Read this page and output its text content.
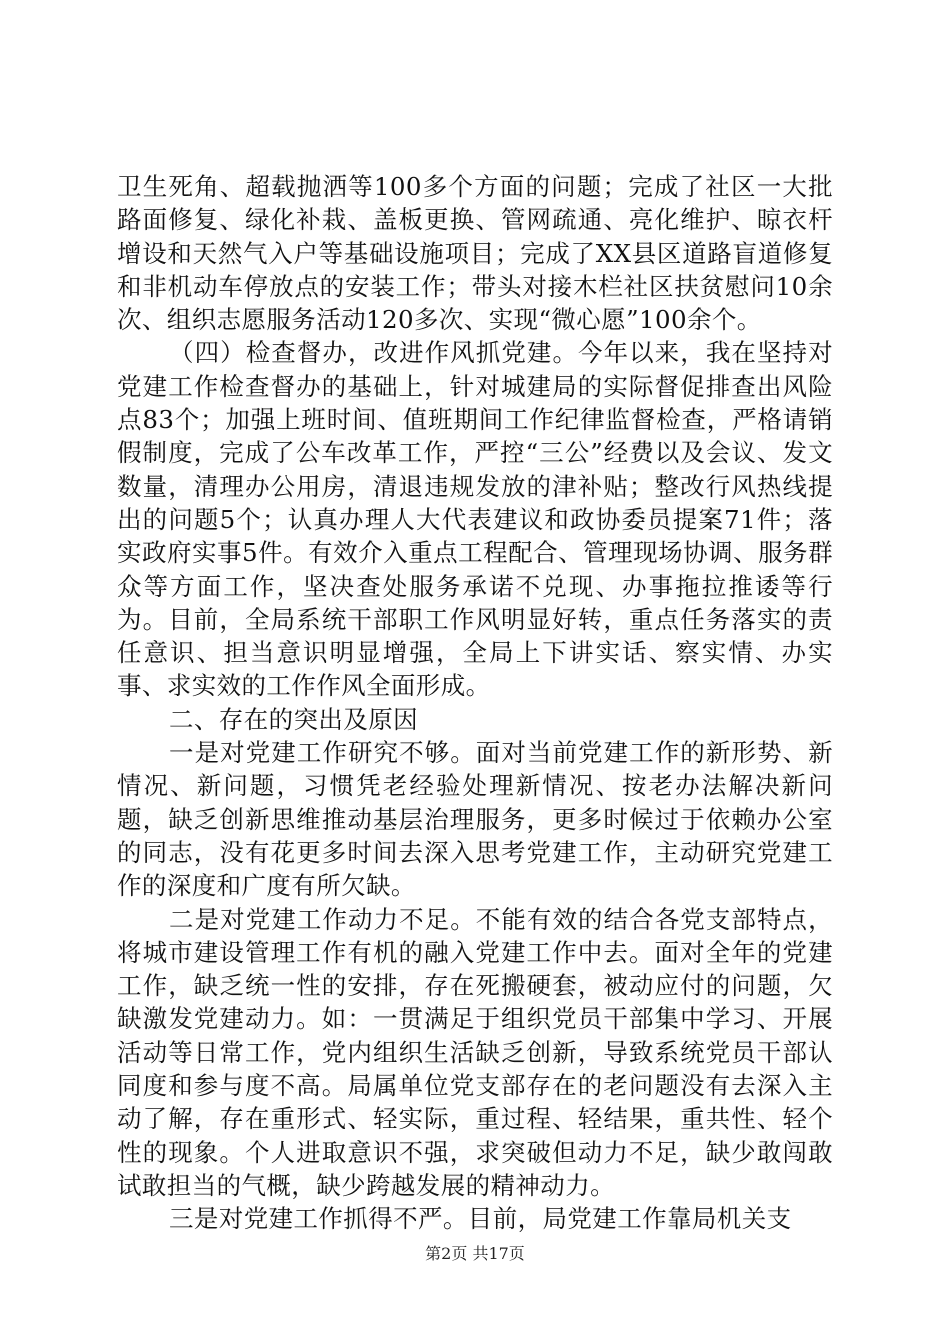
卫生死角、超载抛洒等100多个方面的问题；完成了社区一大批路面修复、绿化补栽、盖板更换、管网疏通、亮化维护、晾衣杆增设和天然气入户等基础设施项目；完成了XX县区道路盲道修复和非机动车停放点的安装工作；带头对接木栏社区扶贫慰问10余次、组织志愿服务活动120多次、实现“微心愿”100余个。

（四）检查督办，改进作风抓党建。今年以来，我在坚持对党建工作检查督办的基础上，针对城建局的实际督促排查出风险点83个；加强上班时间、值班期间工作纪律监督检查，严格请销假制度，完成了公车改革工作，严控“三公”经费以及会议、发文数量，清理办公用房，清退违规发放的津补贴；整改行风热线提出的问题5个；认真办理人大代表建议和政协委员提案71件；落实政府实事5件。有效介入重点工程配合、管理现场协调、服务群众等方面工作，坚决查处服务承诺不兑现、办事拖拉推诿等行为。目前，全局系统干部职工作风明显好转，重点任务落实的责任意识、担当意识明显增强，全局上下讲实话、察实情、办实事、求实效的工作作风全面形成。

二、存在的突出及原因

一是对党建工作研究不够。面对当前党建工作的新形势、新情况、新问题，习惯凭老经验处理新情况、按老办法解决新问题，缺乏创新思维推动基层治理服务，更多时候过于依赖办公室的同志，没有花更多时间去深入思考党建工作，主动研究党建工作的深度和广度有所欠缺。

二是对党建工作动力不足。不能有效的结合各党支部特点，将城市建设管理工作有机的融入党建工作中去。面对全年的党建工作，缺乏统一性的安排，存在死搬硬套，被动应付的问题，欠缺激发党建动力。如：一贯满足于组织党员干部集中学习、开展活动等日常工作，党内组织生活缺乏创新，导致系统党员干部认同度和参与度不高。局属单位党支部存在的老问题没有去深入主动了解，存在重形式、轻实际，重过程、轻结果，重共性、轻个性的现象。个人进取意识不强，求突破但动力不足，缺少敢闯敢试敢担当的气概，缺少跨越发展的精神动力。

三是对党建工作抓得不严。目前，局党建工作靠局机关支

第2页 共17页
